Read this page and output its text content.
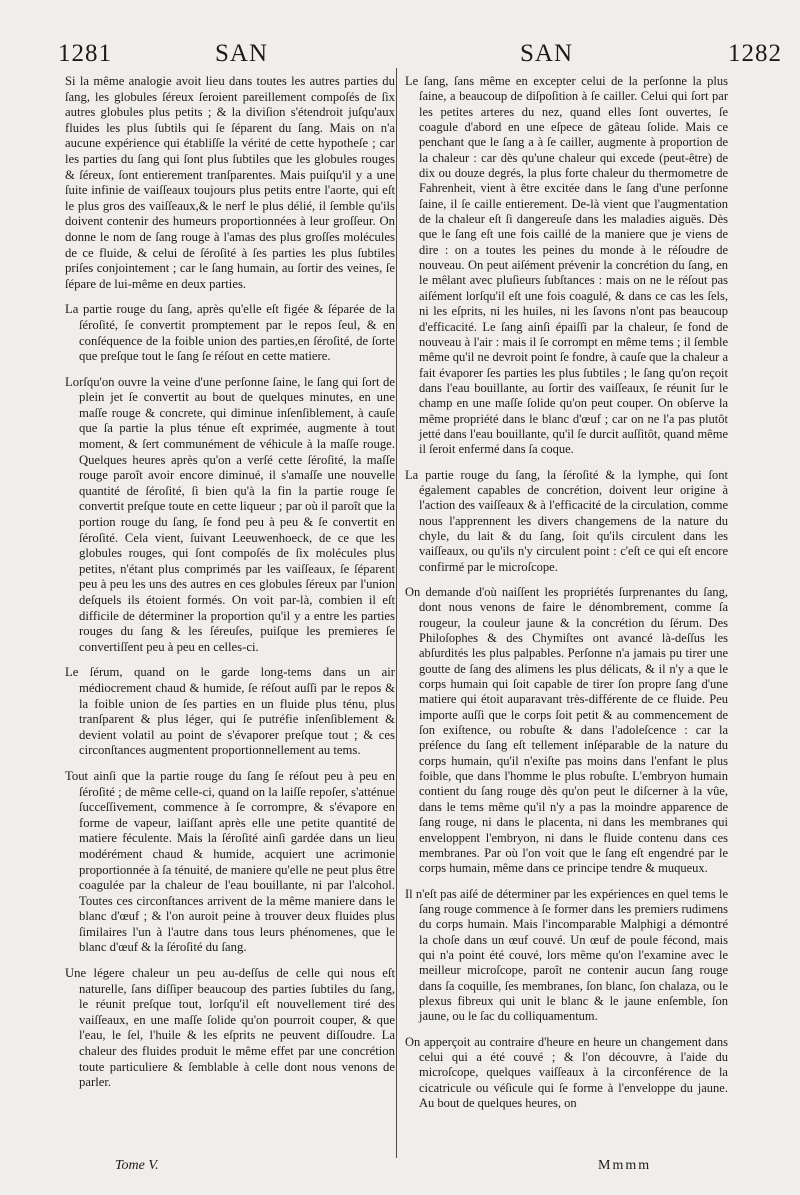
1281	SAN	SAN	1282

Si la même analogie avoit lieu dans toutes les autres parties du ſang, les globules ſéreux ſeroient pareillement compoſés de ſix autres globules plus petits ; & la diviſion s'étendroit juſqu'aux fluides les plus ſubtils qui ſe ſéparent du ſang. Mais on n'a aucune expérience qui établiſſe la vérité de cette hypotheſe ; car les parties du ſang qui ſont plus ſubtiles que les globules rouges & ſéreux, ſont entierement tranſparentes. Mais puiſqu'il y a une ſuite infinie de vaiſſeaux toujours plus petits entre l'aorte, qui eſt le plus gros des vaiſſeaux,& le nerf le plus délié, il ſemble qu'ils doivent contenir des humeurs proportionnées à leur groſſeur. On donne le nom de ſang rouge à l'amas des plus groſſes molécules de ce fluide, & celui de ſéroſité à ſes parties les plus ſubtiles priſes conjointement ; car le ſang humain, au ſortir des veines, ſe ſépare de lui-même en deux parties.

La partie rouge du ſang, après qu'elle eſt figée & ſéparée de la ſéroſité, ſe convertit promptement par le repos ſeul, & en conſéquence de la foible union des parties,en ſéroſité, de ſorte que preſque tout le ſang ſe réſout en cette matiere.

Lorſqu'on ouvre la veine d'une perſonne ſaine, le ſang qui ſort de plein jet ſe convertit au bout de quelques minutes, en une maſſe rouge & concrete, qui diminue inſenſiblement, à cauſe que ſa partie la plus ténue eſt exprimée, augmente à tout moment, & ſert communément de véhicule à la maſſe rouge. Quelques heures après qu'on a verſé cette ſéroſité, la maſſe rouge paroît avoir encore diminué, il s'amaſſe une nouvelle quantité de ſéroſité, ſi bien qu'à la fin la partie rouge ſe convertit preſque toute en cette liqueur ; par où il paroît que la portion rouge du ſang, ſe fond peu à peu & ſe convertit en ſéroſité. Cela vient, ſuivant Leeuwenhoeck, de ce que les globules rouges, qui ſont compoſés de ſix molécules plus petites, n'étant plus comprimés par les vaiſſeaux, ſe ſéparent peu à peu les uns des autres en ces globules ſéreux par l'union deſquels ils étoient formés. On voit par-là, combien il eſt difficile de déterminer la proportion qu'il y a entre les parties rouges du ſang & les ſéreuſes, puiſque les premieres ſe convertiſſent peu à peu en celles-ci.

Le ſérum, quand on le garde long-tems dans un air médiocrement chaud & humide, ſe réſout auſſi par le repos & la foible union de ſes parties en un fluide plus ténu, plus tranſparent & plus léger, qui ſe putréfie inſenſiblement & devient volatil au point de s'évaporer preſque tout ; & ces circonſtances augmentent proportionnellement au tems.

Tout ainſi que la partie rouge du ſang ſe réſout peu à peu en ſéroſité ; de même celle-ci, quand on la laiſſe repoſer, s'atténue ſucceſſivement, commence à ſe corrompre, & s'évapore en forme de vapeur, laiſſant après elle une petite quantité de matiere féculente. Mais la ſéroſité ainſi gardée dans un lieu modérément chaud & humide, acquiert une acrimonie proportionnée à ſa ténuité, de maniere qu'elle ne peut plus être coagulée par la chaleur de l'eau bouillante, ni par l'alcohol. Toutes ces circonſtances arrivent de la même maniere dans le blanc d'œuf ; & l'on auroit peine à trouver deux fluides plus ſimilaires l'un à l'autre dans tous leurs phénomenes, que le blanc d'œuf & la ſéroſité du ſang.

Une légere chaleur un peu au-deſſus de celle qui nous eſt naturelle, ſans diſſiper beaucoup des parties ſubtiles du ſang, le réunit preſque tout, lorſqu'il eſt nouvellement tiré des vaiſſeaux, en une maſſe ſolide qu'on pourroit couper, & que l'eau, le ſel, l'huile & les eſprits ne peuvent diſſoudre. La chaleur des fluides produit le même effet par une concrétion toute particuliere & ſemblable à celle dont nous venons de parler.

Le ſang, ſans même en excepter celui de la perſonne la plus ſaine, a beaucoup de diſpoſition à ſe cailler. Celui qui ſort par les petites arteres du nez, quand elles ſont ouvertes, ſe coagule d'abord en une eſpece de gâteau ſolide. Mais ce penchant que le ſang a à ſe cailler, augmente à proportion de la chaleur : car dès qu'une chaleur qui excede (peut-être) de dix ou douze degrés, la plus forte chaleur du thermometre de Fahrenheit, vient à être excitée dans le ſang d'une perſonne ſaine, il ſe caille entierement. De-là vient que l'augmentation de la chaleur eſt ſi dangereuſe dans les maladies aiguës. Dès que le ſang eſt une fois caillé de la maniere que je viens de dire : on a toutes les peines du monde à le réſoudre de nouveau. On peut aiſément prévenir la concrétion du ſang, en le mêlant avec pluſieurs ſubſtances : mais on ne le réſout pas aiſément lorſqu'il eſt une fois coagulé, & dans ce cas les ſels, ni les eſprits, ni les huiles, ni les ſavons n'ont pas beaucoup d'efficacité. Le ſang ainſi épaiſſi par la chaleur, ſe fond de nouveau à l'air : mais il ſe corrompt en même tems ; il ſemble même qu'il ne devroit point ſe fondre, à cauſe que la chaleur a fait évaporer ſes parties les plus ſubtiles ; le ſang qu'on reçoit dans l'eau bouillante, au ſortir des vaiſſeaux, ſe réunit ſur le champ en une maſſe ſolide qu'on peut couper. On obſerve la même propriété dans le blanc d'œuf ; car on ne l'a pas plutôt jetté dans l'eau bouillante, qu'il ſe durcit auſſitôt, quand même il ſeroit enfermé dans ſa coque.

La partie rouge du ſang, la ſéroſité & la lymphe, qui ſont également capables de concrétion, doivent leur origine à l'action des vaiſſeaux & à l'efficacité de la circulation, comme nous l'apprennent les divers changemens de la nature du chyle, du lait & du ſang, ſoit qu'ils circulent dans les vaiſſeaux, ou qu'ils n'y circulent point : c'eſt ce qui eſt encore confirmé par le microſcope.

On demande d'où naiſſent les propriétés ſurprenantes du ſang, dont nous venons de faire le dénombrement, comme ſa rougeur, la couleur jaune & la concrétion du ſérum. Des Philoſophes & des Chymiſtes ont avancé là-deſſus les abſurdités les plus palpables. Perſonne n'a jamais pu tirer une goutte de ſang des alimens les plus délicats, & il n'y a que le corps humain qui ſoit capable de tirer ſon propre ſang d'une matiere qui étoit auparavant très-différente de ce fluide. Peu importe auſſi que le corps ſoit petit & au commencement de ſon exiſtence, ou robuſte & dans l'adoleſcence : car la préſence du ſang eſt tellement inſéparable de la nature du corps humain, qu'il n'exiſte pas moins dans l'enfant le plus foible, que dans l'homme le plus robuſte. L'embryon humain contient du ſang rouge dès qu'on peut le diſcerner à la vûe, dans le tems même qu'il n'y a pas la moindre apparence de ſang rouge, ni dans le placenta, ni dans les membranes qui enveloppent l'embryon, ni dans le fluide contenu dans ces membranes. Par où l'on voit que le ſang eſt engendré par le corps humain, même dans ce principe tendre & muqueux.

Il n'eſt pas aiſé de déterminer par les expériences en quel tems le ſang rouge commence à ſe former dans les premiers rudimens du corps humain. Mais l'incomparable Malphigi a démontré la choſe dans un œuf couvé. Un œuf de poule fécond, mais qui n'a point été couvé, lors même qu'on l'examine avec le meilleur microſcope, paroît ne contenir aucun ſang rouge dans ſa coquille, ſes membranes, ſon blanc, ſon chalaza, ou le plexus fibreux qui unit le blanc & le jaune enſemble, ſon jaune, ou le ſac du colliquamentum.

On apperçoit au contraire d'heure en heure un changement dans celui qui a été couvé ; & l'on découvre, à l'aide du microſcope, quelques vaiſſeaux à la circonférence de la cicatricule ou véſicule qui ſe forme à l'enveloppe du jaune. Au bout de quelques heures, on

Tome V.	Mmmm
